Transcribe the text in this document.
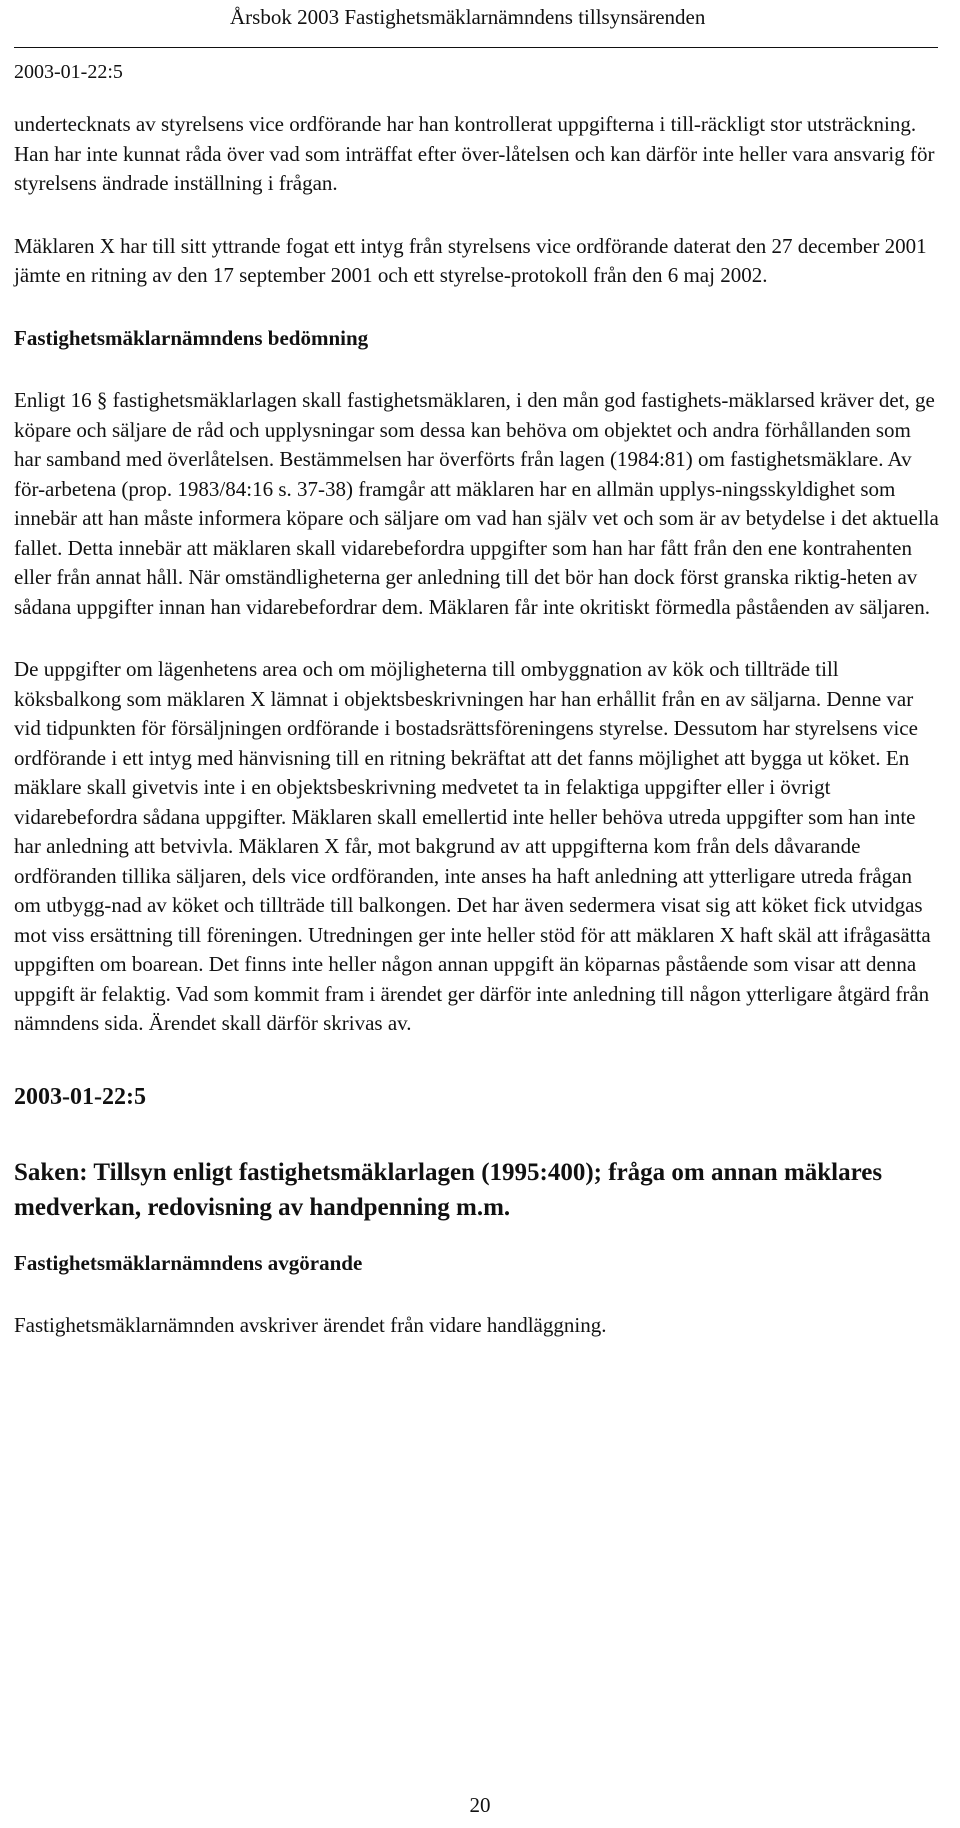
Årsbok 2003 Fastighetsmäklarnämndens tillsynsärenden
2003-01-22:5

undertecknats av styrelsens vice ordförande har han kontrollerat uppgifterna i till-räckligt stor utsträckning. Han har inte kunnat råda över vad som inträffat efter över-låtelsen och kan därför inte heller vara ansvarig för styrelsens ändrade inställning i frågan.

Mäklaren X har till sitt yttrande fogat ett intyg från styrelsens vice ordförande daterat den 27 december 2001 jämte en ritning av den 17 september 2001 och ett styrelse-protokoll från den 6 maj 2002.

Fastighetsmäklarnämndens bedömning

Enligt 16 § fastighetsmäklarlagen skall fastighetsmäklaren, i den mån god fastighets-mäklarsed kräver det, ge köpare och säljare de råd och upplysningar som dessa kan behöva om objektet och andra förhållanden som har samband med överlåtelsen. Bestämmelsen har överförts från lagen (1984:81) om fastighetsmäklare. Av för-arbetena (prop. 1983/84:16 s. 37-38) framgår att mäklaren har en allmän upplys-ningsskyldighet som innebär att han måste informera köpare och säljare om vad han själv vet och som är av betydelse i det aktuella fallet. Detta innebär att mäklaren skall vidarebefordra uppgifter som han har fått från den ene kontrahenten eller från annat håll. När omständligheterna ger anledning till det bör han dock först granska riktig-heten av sådana uppgifter innan han vidarebefordrar dem. Mäklaren får inte okritiskt förmedla påståenden av säljaren.

De uppgifter om lägenhetens area och om möjligheterna till ombyggnation av kök och tillträde till köksbalkong som mäklaren X lämnat i objektsbeskrivningen har han erhållit från en av säljarna. Denne var vid tidpunkten för försäljningen ordförande i bostadsrättsföreningens styrelse. Dessutom har styrelsens vice ordförande i ett intyg med hänvisning till en ritning bekräftat att det fanns möjlighet att bygga ut köket. En mäklare skall givetvis inte i en objektsbeskrivning medvetet ta in felaktiga uppgifter eller i övrigt vidarebefordra sådana uppgifter. Mäklaren skall emellertid inte heller behöva utreda uppgifter som han inte har anledning att betvivla. Mäklaren X får, mot bakgrund av att uppgifterna kom från dels dåvarande ordföranden tillika säljaren, dels vice ordföranden, inte anses ha haft anledning att ytterligare utreda frågan om utbygg-nad av köket och tillträde till balkongen. Det har även sedermera visat sig att köket fick utvidgas mot viss ersättning till föreningen. Utredningen ger inte heller stöd för att mäklaren X haft skäl att ifrågasätta uppgiften om boarean. Det finns inte heller någon annan uppgift än köparnas påstående som visar att denna uppgift är felaktig. Vad som kommit fram i ärendet ger därför inte anledning till någon ytterligare åtgärd från nämndens sida. Ärendet skall därför skrivas av.

2003-01-22:5

Saken: Tillsyn enligt fastighetsmäklarlagen (1995:400); fråga om annan mäklares medverkan, redovisning av handpenning m.m.

Fastighetsmäklarnämndens avgörande

Fastighetsmäklarnämnden avskriver ärendet från vidare handläggning.

20
